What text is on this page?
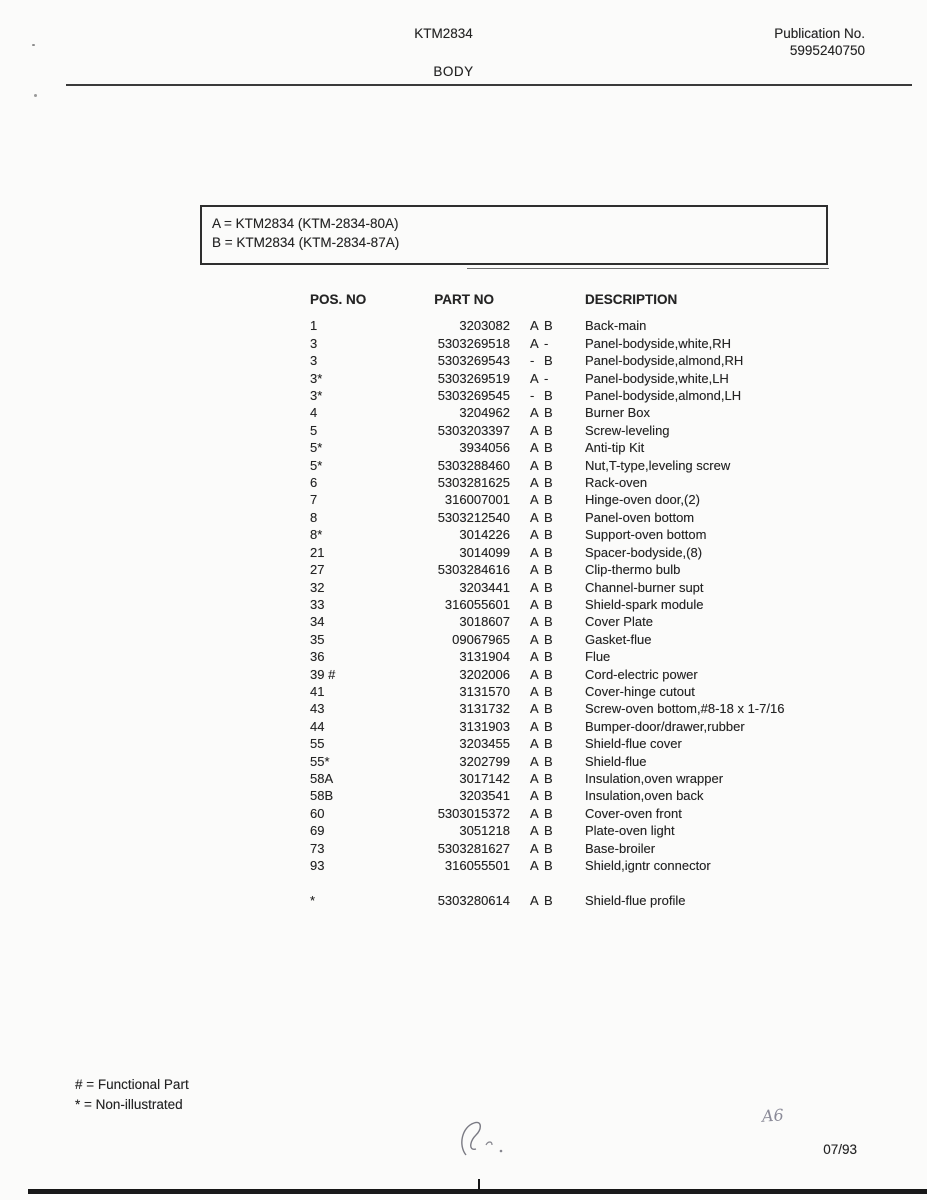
KTM2834	Publication No.
5995240750
BODY
A = KTM2834 (KTM-2834-80A)
B = KTM2834 (KTM-2834-87A)
POS. NO	PART NO	DESCRIPTION
1	3203082	A B	Back-main
3	5303269518	A -	Panel-bodyside,white,RH
3	5303269543	- B	Panel-bodyside,almond,RH
3*	5303269519	A -	Panel-bodyside,white,LH
3*	5303269545	- B	Panel-bodyside,almond,LH
4	3204962	A B	Burner Box
5	5303203397	A B	Screw-leveling
5*	3934056	A B	Anti-tip Kit
5*	5303288460	A B	Nut,T-type,leveling screw
6	5303281625	A B	Rack-oven
7	316007001	A B	Hinge-oven door,(2)
8	5303212540	A B	Panel-oven bottom
8*	3014226	A B	Support-oven bottom
21	3014099	A B	Spacer-bodyside,(8)
27	5303284616	A B	Clip-thermo bulb
32	3203441	A B	Channel-burner supt
33	316055601	A B	Shield-spark module
34	3018607	A B	Cover Plate
35	09067965	A B	Gasket-flue
36	3131904	A B	Flue
39 #	3202006	A B	Cord-electric power
41	3131570	A B	Cover-hinge cutout
43	3131732	A B	Screw-oven bottom,#8-18 x 1-7/16
44	3131903	A B	Bumper-door/drawer,rubber
55	3203455	A B	Shield-flue cover
55*	3202799	A B	Shield-flue
58A	3017142	A B	Insulation,oven wrapper
58B	3203541	A B	Insulation,oven back
60	5303015372	A B	Cover-oven front
69	3051218	A B	Plate-oven light
73	5303281627	A B	Base-broiler
93	316055501	A B	Shield,igntr connector
*	5303280614	A B	Shield-flue profile
# = Functional Part
* = Non-illustrated
A6
07/93
